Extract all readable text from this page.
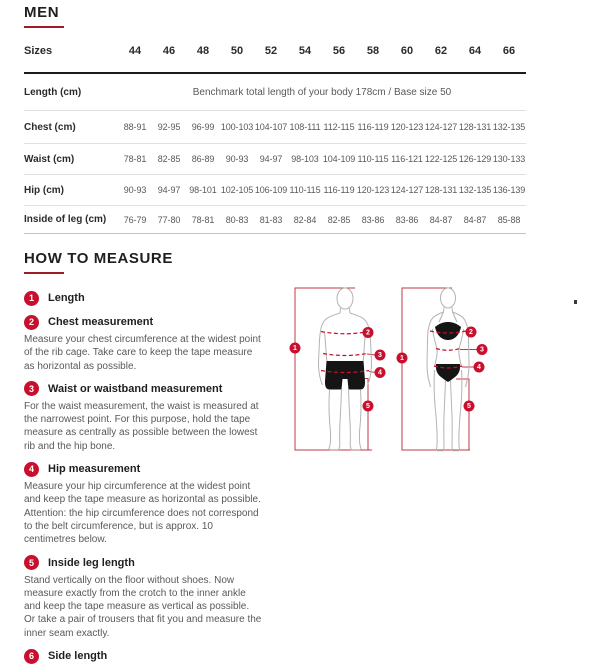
MEN
Sizes	44	46	48	50	52	54	56	58	60	62	64	66
Length (cm)	Benchmark total length of your body 178cm / Base size 50
Chest (cm)	88-91	92-95	96-99 100-103 104-107 108-111 112-115 116-119 120-123 124-127 128-131 132-135
Waist (cm)	78-81	82-85	86-89	90-93	94-97	98-103 104-109 110-115 116-121 122-125 126-129 130-133
Hip (cm)	90-93	94-97	98-101 102-105 106-109 110-115 116-119 120-123 124-127 128-131 132-135 136-139
Inside of leg (cm)	76-79	77-80	78-81	80-83	81-83	82-84	82-85	83-86	83-86	84-87	84-87	85-88
HOW TO MEASURE
1	Length
2	Chest measurement

Measure your chest circumference at the widest point of the rib cage. Take care to keep the tape measure as horizontal as possible.

3	Waist or waistband measurement

For the waist measurement, the waist is measured at the narrowest point. For this purpose, hold the tape measure as centrally as possible between the lowest rib and the hip bone.

4	Hip measurement

Measure your hip circumference at the widest point and keep the tape measure as horizontal as possible. Attention: the hip circumference does not correspond to the belt circumference, but is approx. 10 centimetres below.

5	Inside leg length

Stand vertically on the floor without shoes. Now measure exactly from the crotch to the inner ankle and keep the tape measure as vertical as possible. Or take a pair of trousers that fit you and measure the inner seam exactly.

6	Side length
1
2
3
4
5
1
2
3
4
5
